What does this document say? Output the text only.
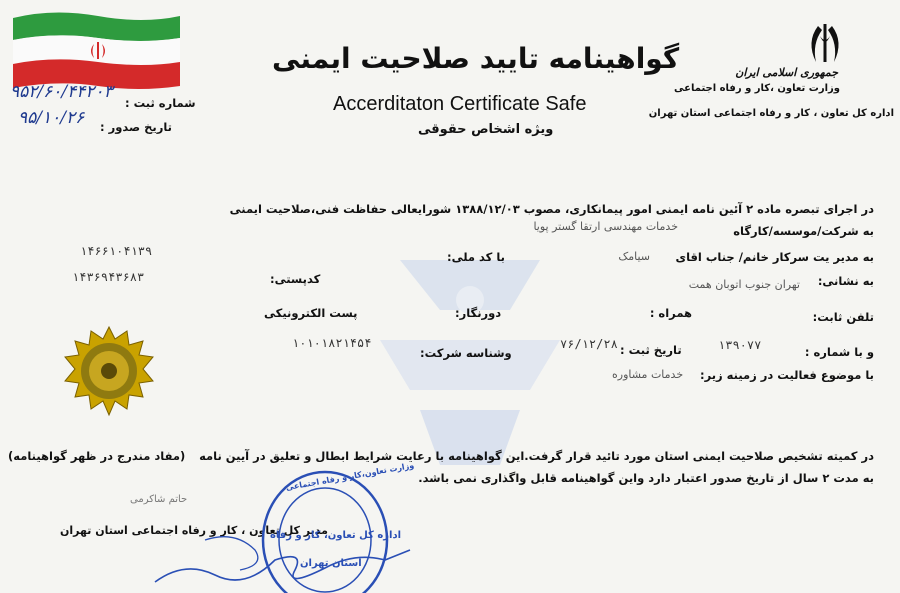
شماره ثبت :
۹۵۲/۶۰/۴۴۲۰۳
تاریخ صدور :
۹۵/۱۰/۲۶
جمهوری اسلامی ایران
وزارت تعاون ،کار و رفاه اجتماعی
اداره کل تعاون ، کار و رفاه اجتماعی استان تهران
گواهینامه تایید صلاحیت ایمنی
Accerditaton Certificate Safe
ویژه اشخاص حقوقی
در اجرای تبصره ماده ۲ آئین نامه ایمنی امور پیمانکاری، مصوب ۱۳۸۸/۱۲/۰۳ شورایعالی حفاظت فنی،صلاحیت ایمنی
به شرکت/موسسه/کارگاه
خدمات مهندسی ارتقا گستر پویا
به مدیر یت سرکار خانم/ جناب اقای
سیامک
با کد ملی:
۱۴۶۶۱۰۴۱۳۹
به نشانی:
تهران جنوب اتوبان همت
کدپستی:
۱۴۳۶۹۴۳۶۸۳
تلفن ثابت:
همراه :
دورنگار:
پست الکترونیکی
و با شماره :
۱۳۹۰۷۷
تاریخ ثبت :
۷۶/۱۲/۲۸
وشناسه شرکت:
۱۰۱۰۱۸۲۱۴۵۴
با موضوع فعالیت در زمینه زیر:
خدمات مشاوره
در کمیته تشخیص صلاحیت ایمنی استان مورد تائید قرار گرفت.این گواهینامه با رعایت شرایط ابطال و تعلیق در آیین نامه
(مفاد مندرج در ظهر گواهینامه)
به مدت ۲ سال از تاریخ صدور اعتبار دارد واین گواهینامه قابل واگذاری نمی باشد.
حاتم شاکرمی
مدیر کل تعاون ، کار و رفاه اجتماعی استان تهران
وزارت تعاون،کار و رفاه اجتماعی
اداره کل تعاون، کار و رفاه
استان تهران
